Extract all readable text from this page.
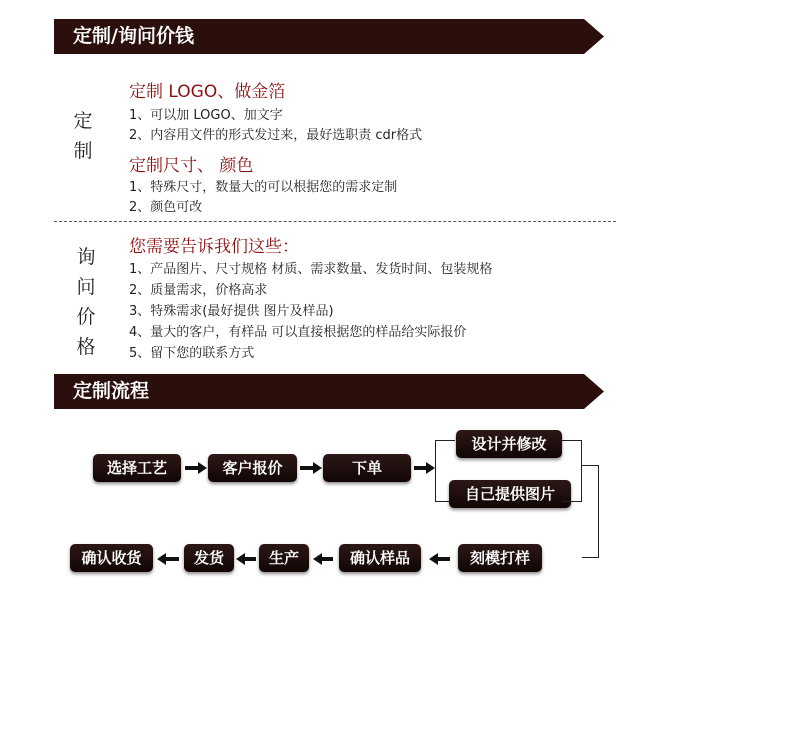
定制/询问价钱
定
制
定制 LOGO、做金箔
1、可以加 LOGO、加文字
2、内容用文件的形式发过来，最好选职责 cdr格式
定制尺寸、 颜色
1、特殊尺寸，数量大的可以根据您的需求定制
2、颜色可改
询
问
价
格
您需要告诉我们这些：
1、产品图片、尺寸规格 材质、需求数量、发货时间、包装规格
2、质量需求，价格高求
3、特殊需求(最好提供 图片及样品)
4、量大的客户，有样品 可以直接根据您的样品给实际报价
5、留下您的联系方式
定制流程
选择工艺	客户报价	下单
设计并修改
自己提供图片
刻模打样
确认样品
生产
发货
确认收货
